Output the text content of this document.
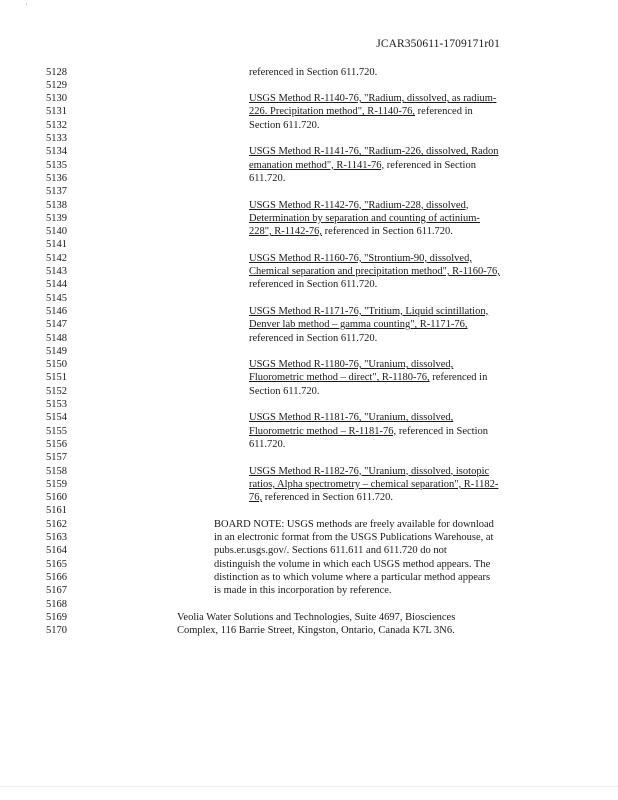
'
JCAR350611-1709171r01
5128	referenced in Section 611.720.
5129
5130	USGS Method R-1140-76, "Radium, dissolved, as radium-
5131	226. Precipitation method", R-1140-76, referenced in
5132	Section 611.720.
5133
5134	USGS Method R-1141-76, "Radium-226, dissolved, Radon
5135	emanation method", R-1141-76, referenced in Section
5136	611.720.
5137
5138	USGS Method R-1142-76, "Radium-228, dissolved,
5139	Determination by separation and counting of actinium-
5140	228", R-1142-76, referenced in Section 611.720.
5141
5142	USGS Method R-1160-76, "Strontium-90, dissolved,
5143	Chemical separation and precipitation method", R-1160-76,
5144	referenced in Section 611.720.
5145
5146	USGS Method R-1171-76, "Tritium, Liquid scintillation,
5147	Denver lab method – gamma counting", R-1171-76,
5148	referenced in Section 611.720.
5149
5150	USGS Method R-1180-76, "Uranium, dissolved,
5151	Fluorometric method – direct", R-1180-76, referenced in
5152	Section 611.720.
5153
5154	USGS Method R-1181-76, "Uranium, dissolved,
5155	Fluorometric method – R-1181-76, referenced in Section
5156	611.720.
5157
5158	USGS Method R-1182-76, "Uranium, dissolved, isotopic
5159	ratios, Alpha spectrometry – chemical separation", R-1182-
5160	76, referenced in Section 611.720.
5161
5162	BOARD NOTE: USGS methods are freely available for download
5163	in an electronic format from the USGS Publications Warehouse, at
5164	pubs.er.usgs.gov/. Sections 611.611 and 611.720 do not
5165	distinguish the volume in which each USGS method appears. The
5166	distinction as to which volume where a particular method appears
5167	is made in this incorporation by reference.
5168
5169	Veolia Water Solutions and Technologies, Suite 4697, Biosciences
5170	Complex, 116 Barrie Street, Kingston, Ontario, Canada K7L 3N6.
